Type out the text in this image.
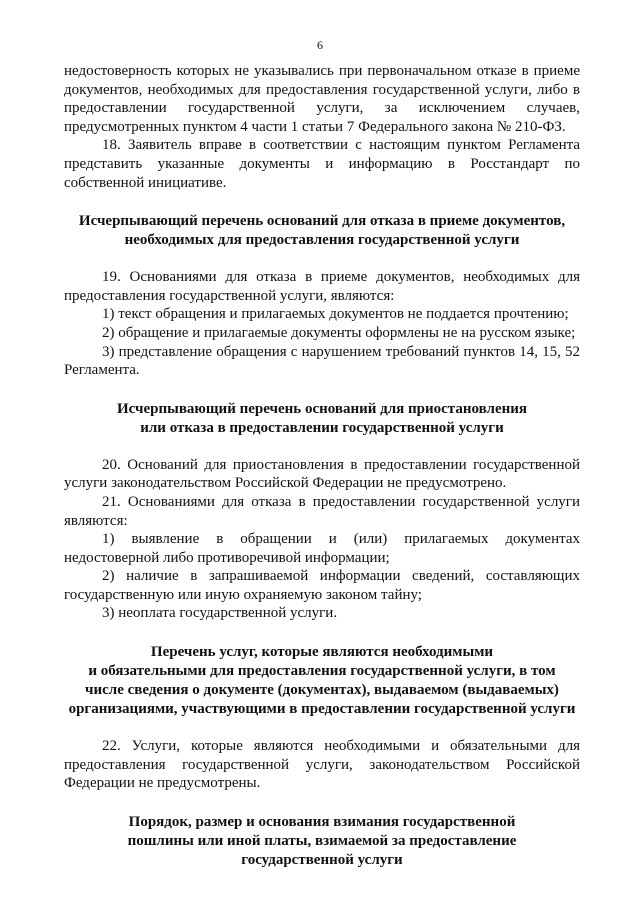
6

недостоверность которых не указывались при первоначальном отказе в приеме документов, необходимых для предоставления государственной услуги, либо в предоставлении государственной услуги, за исключением случаев, предусмотренных пунктом 4 части 1 статьи 7 Федерального закона № 210-ФЗ.

18. Заявитель вправе в соответствии с настоящим пунктом Регламента представить указанные документы и информацию в Росстандарт по собственной инициативе.

Исчерпывающий перечень оснований для отказа в приеме документов,
необходимых для предоставления государственной услуги

19. Основаниями для отказа в приеме документов, необходимых для предоставления государственной услуги, являются:

1) текст обращения и прилагаемых документов не поддается прочтению;

2) обращение и прилагаемые документы оформлены не на русском языке;

3) представление обращения с нарушением требований пунктов 14, 15, 52 Регламента.

Исчерпывающий перечень оснований для приостановления
или отказа в предоставлении государственной услуги

20. Оснований для приостановления в предоставлении государственной услуги законодательством Российской Федерации не предусмотрено.

21. Основаниями для отказа в предоставлении государственной услуги являются:

1) выявление в обращении и (или) прилагаемых документах недостоверной либо противоречивой информации;

2) наличие в запрашиваемой информации сведений, составляющих государственную или иную охраняемую законом тайну;

3) неоплата государственной услуги.

Перечень услуг, которые являются необходимыми
и обязательными для предоставления государственной услуги, в том
числе сведения о документе (документах), выдаваемом (выдаваемых)
организациями, участвующими в предоставлении государственной услуги

22. Услуги, которые являются необходимыми и обязательными для предоставления государственной услуги, законодательством Российской Федерации не предусмотрены.

Порядок, размер и основания взимания государственной
пошлины или иной платы, взимаемой за предоставление
государственной услуги
